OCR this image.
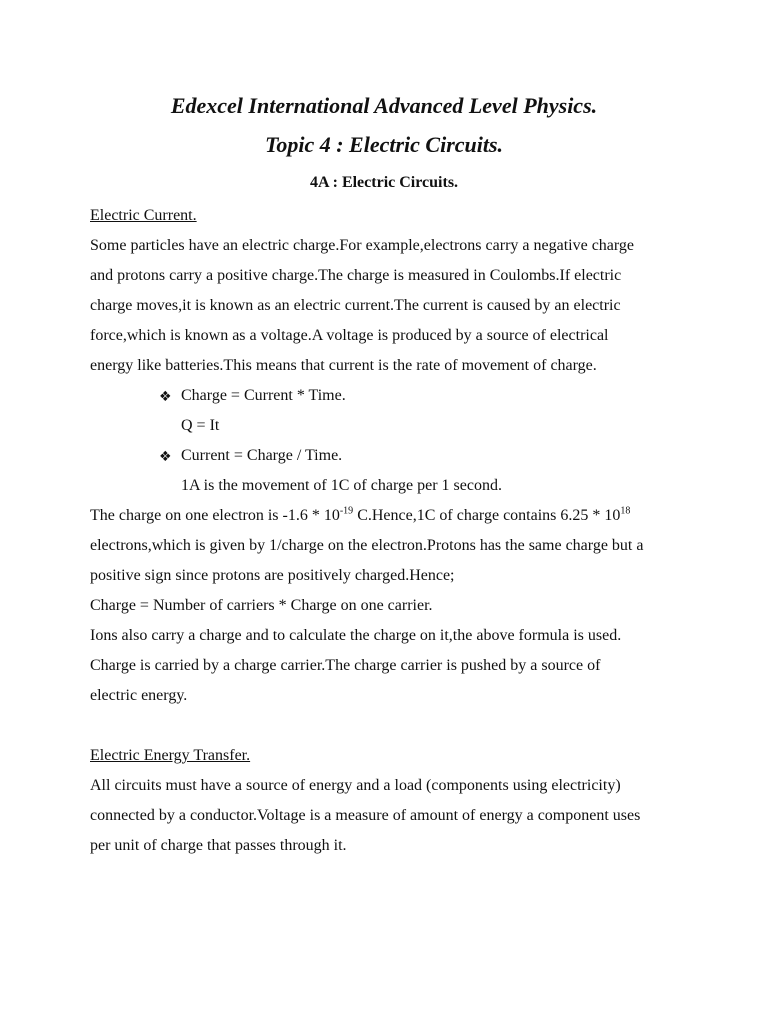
Edexcel International Advanced Level Physics.
Topic 4 : Electric Circuits.
4A : Electric Circuits.
Electric Current.
Some particles have an electric charge.For example,electrons carry a negative charge
and protons carry a positive charge.The charge is measured in Coulombs.If electric
charge moves,it is known as an electric current.The current is caused by an electric
force,which is known as a voltage.A voltage is produced by a source of electrical
energy like batteries.This means that current is the rate of movement of charge.
❖ Charge = Current * Time.
Q = It
❖ Current = Charge / Time.
1A is the movement of 1C of charge per 1 second.
The charge on one electron is $-1.6 * 10^{-19}$ C.Hence,1C of charge contains $6.25 * 10^{18}$
electrons,which is given by 1/charge on the electron.Protons has the same charge but a
positive sign since protons are positively charged.Hence;
Charge = Number of carriers * Charge on one carrier.
Ions also carry a charge and to calculate the charge on it,the above formula is used.
Charge is carried by a charge carrier.The charge carrier is pushed by a source of
electric energy.
Electric Energy Transfer.
All circuits must have a source of energy and a load (components using electricity)
connected by a conductor.Voltage is a measure of amount of energy a component uses
per unit of charge that passes through it.
